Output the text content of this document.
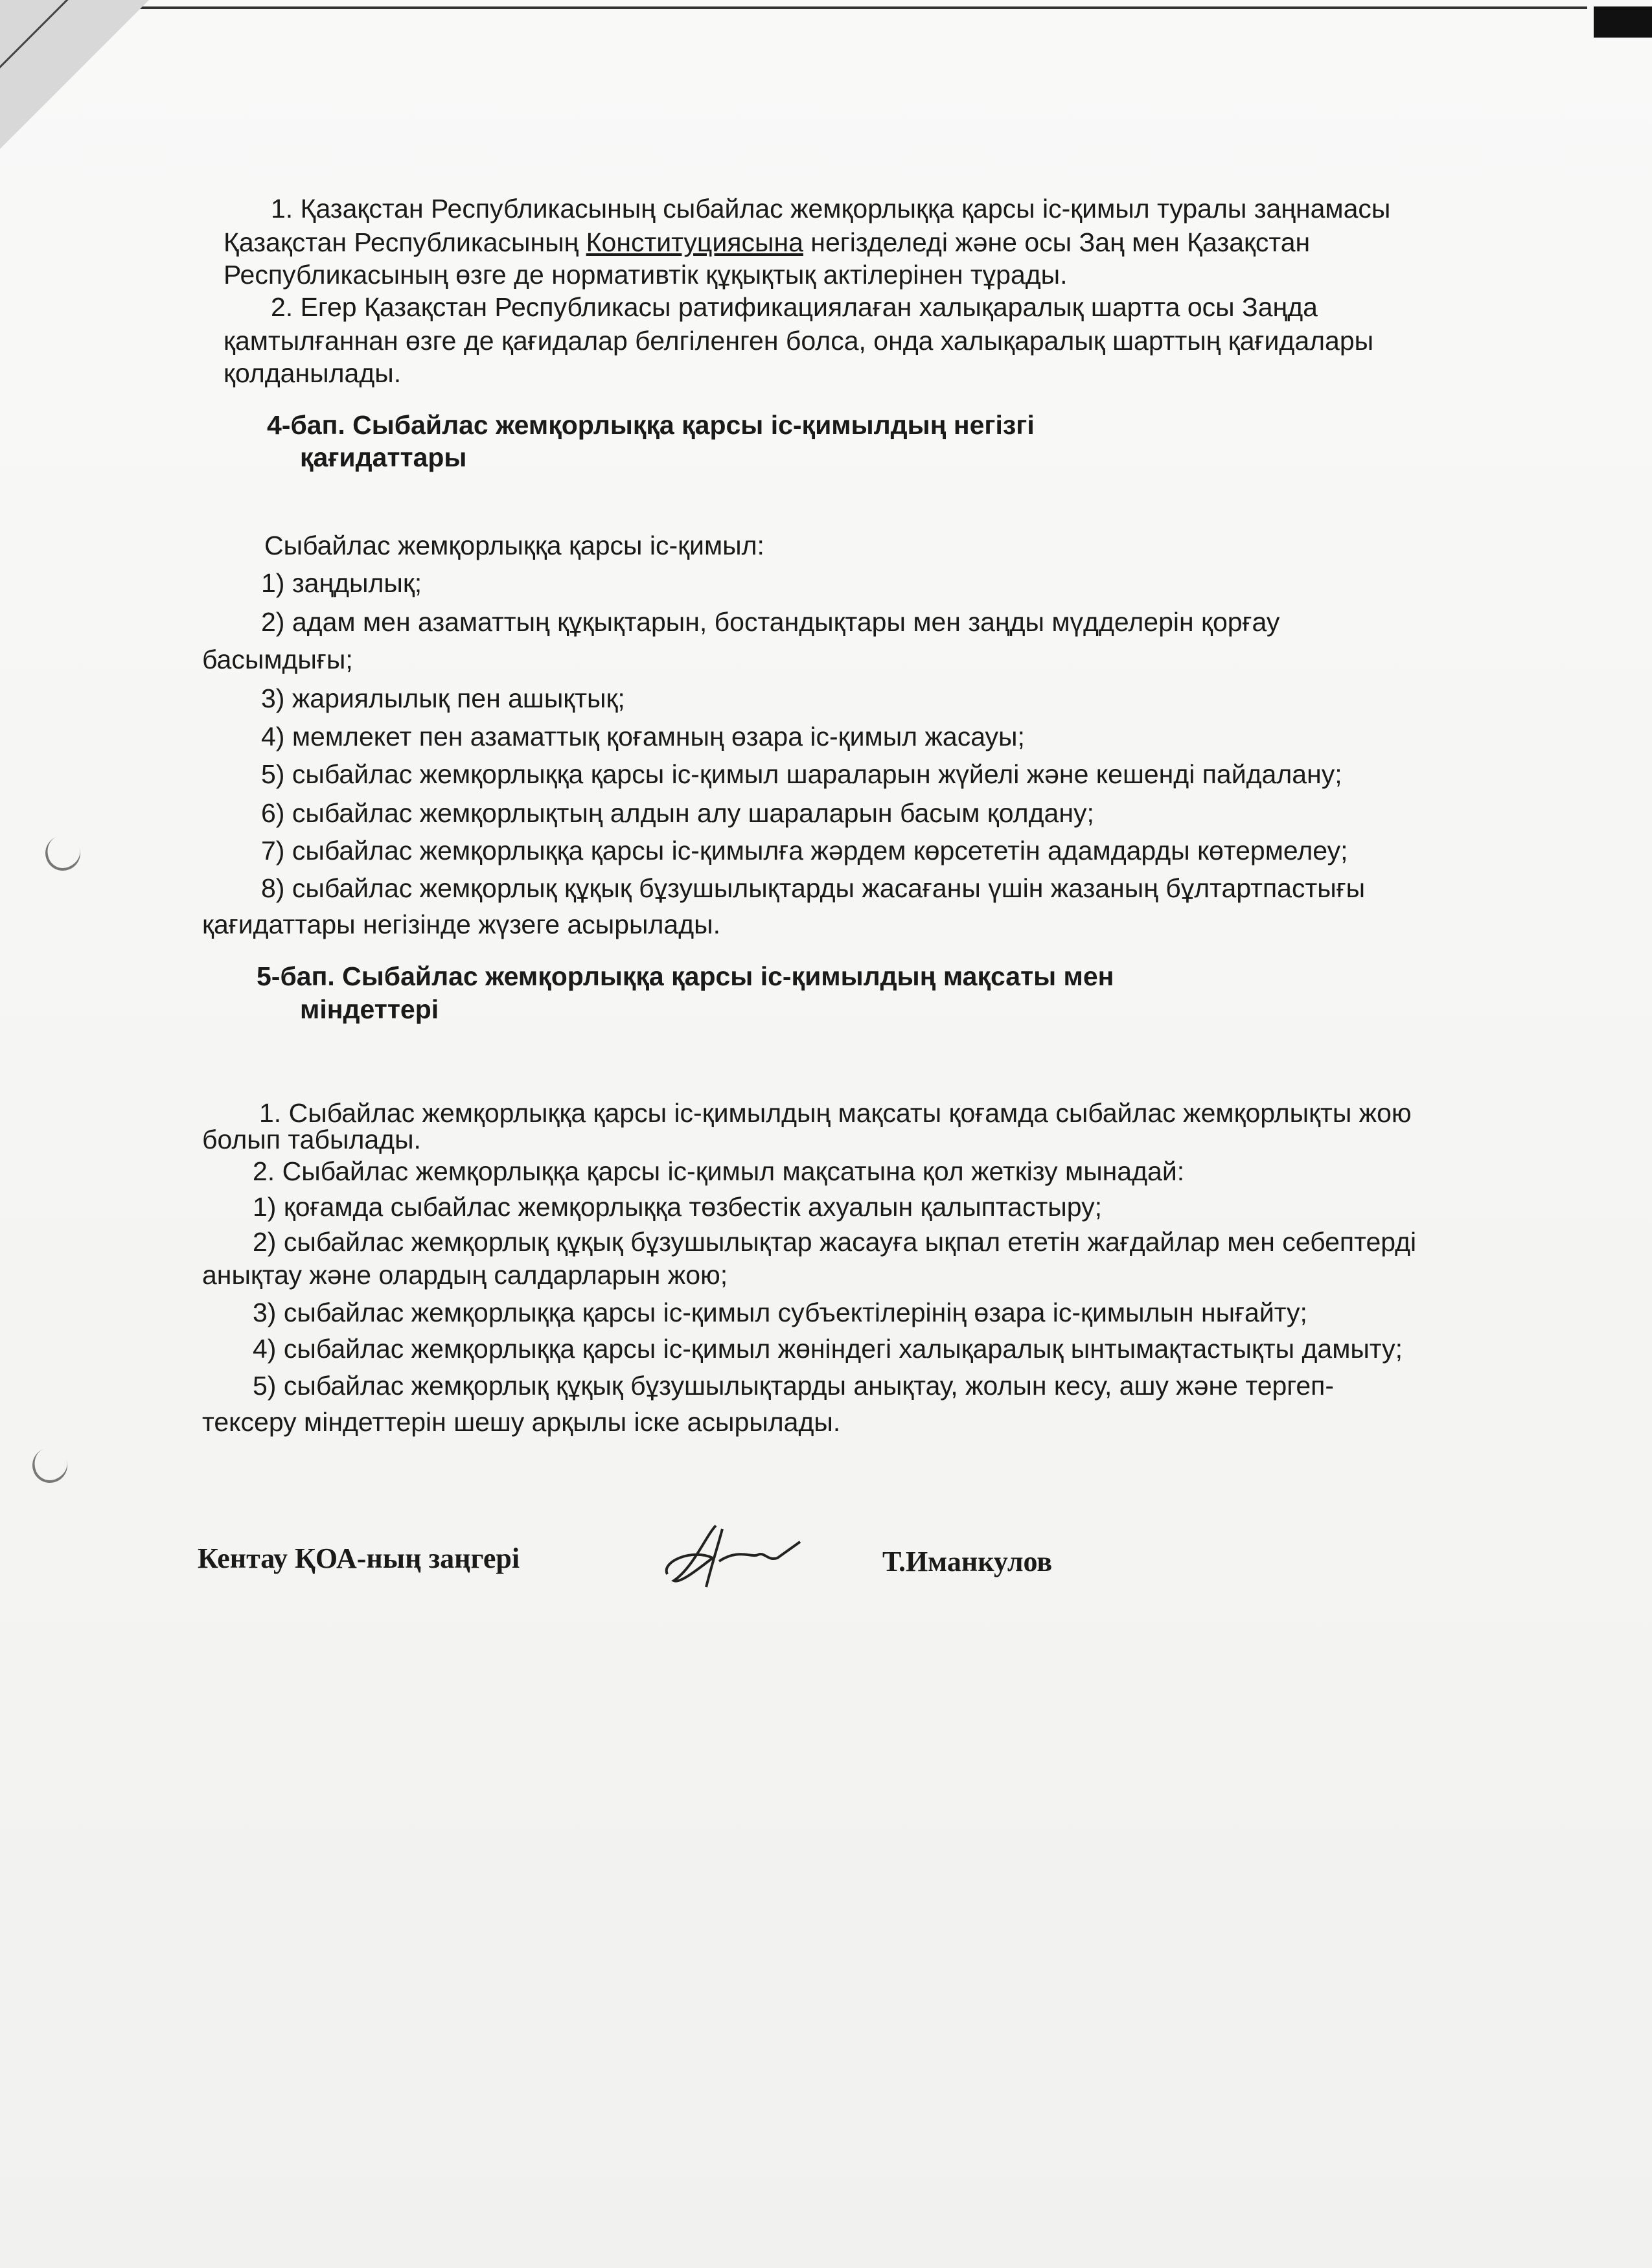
1. Қазақстан Республикасының сыбайлас жемқорлыққа қарсы іс-қимыл туралы заңнамасы
Қазақстан Республикасының Конституциясына негізделеді және осы Заң мен Қазақстан
Республикасының өзге де нормативтік құқықтық актілерінен тұрады.
2. Егер Қазақстан Республикасы ратификациялаған халықаралық шартта осы Заңда
қамтылғаннан өзге де қағидалар белгіленген болса, онда халықаралық шарттың қағидалары
қолданылады.
4-бап. Сыбайлас жемқорлыққа қарсы іс-қимылдың негізгі
қағидаттары
Сыбайлас жемқорлыққа қарсы іс-қимыл:
1) заңдылық;
2) адам мен азаматтың құқықтарын, бостандықтары мен заңды мүдделерін қорғау
басымдығы;
3) жариялылық пен ашықтық;
4) мемлекет пен азаматтық қоғамның өзара іс-қимыл жасауы;
5) сыбайлас жемқорлыққа қарсы іс-қимыл шараларын жүйелі және кешенді пайдалану;
6) сыбайлас жемқорлықтың алдын алу шараларын басым қолдану;
7) сыбайлас жемқорлыққа қарсы іс-қимылға жәрдем көрсететін адамдарды көтермелеу;
8) сыбайлас жемқорлық құқық бұзушылықтарды жасағаны үшін жазаның бұлтартпастығы
қағидаттары негізінде жүзеге асырылады.
5-бап. Сыбайлас жемқорлыққа қарсы іс-қимылдың мақсаты мен
міндеттері
1. Сыбайлас жемқорлыққа қарсы іс-қимылдың мақсаты қоғамда сыбайлас жемқорлықты жою
болып табылады.
2. Сыбайлас жемқорлыққа қарсы іс-қимыл мақсатына қол жеткізу мынадай:
1) қоғамда сыбайлас жемқорлыққа төзбестік ахуалын қалыптастыру;
2) сыбайлас жемқорлық құқық бұзушылықтар жасауға ықпал ететін жағдайлар мен себептерді
анықтау және олардың салдарларын жою;
3) сыбайлас жемқорлыққа қарсы іс-қимыл субъектілерінің өзара іс-қимылын нығайту;
4) сыбайлас жемқорлыққа қарсы іс-қимыл жөніндегі халықаралық ынтымақтастықты дамыту;
5) сыбайлас жемқорлық құқық бұзушылықтарды анықтау, жолын кесу, ашу және тергеп-
тексеру міндеттерін шешу арқылы іске асырылады.
Кентау ҚОА-ның заңгері	Т.Иманкулов
